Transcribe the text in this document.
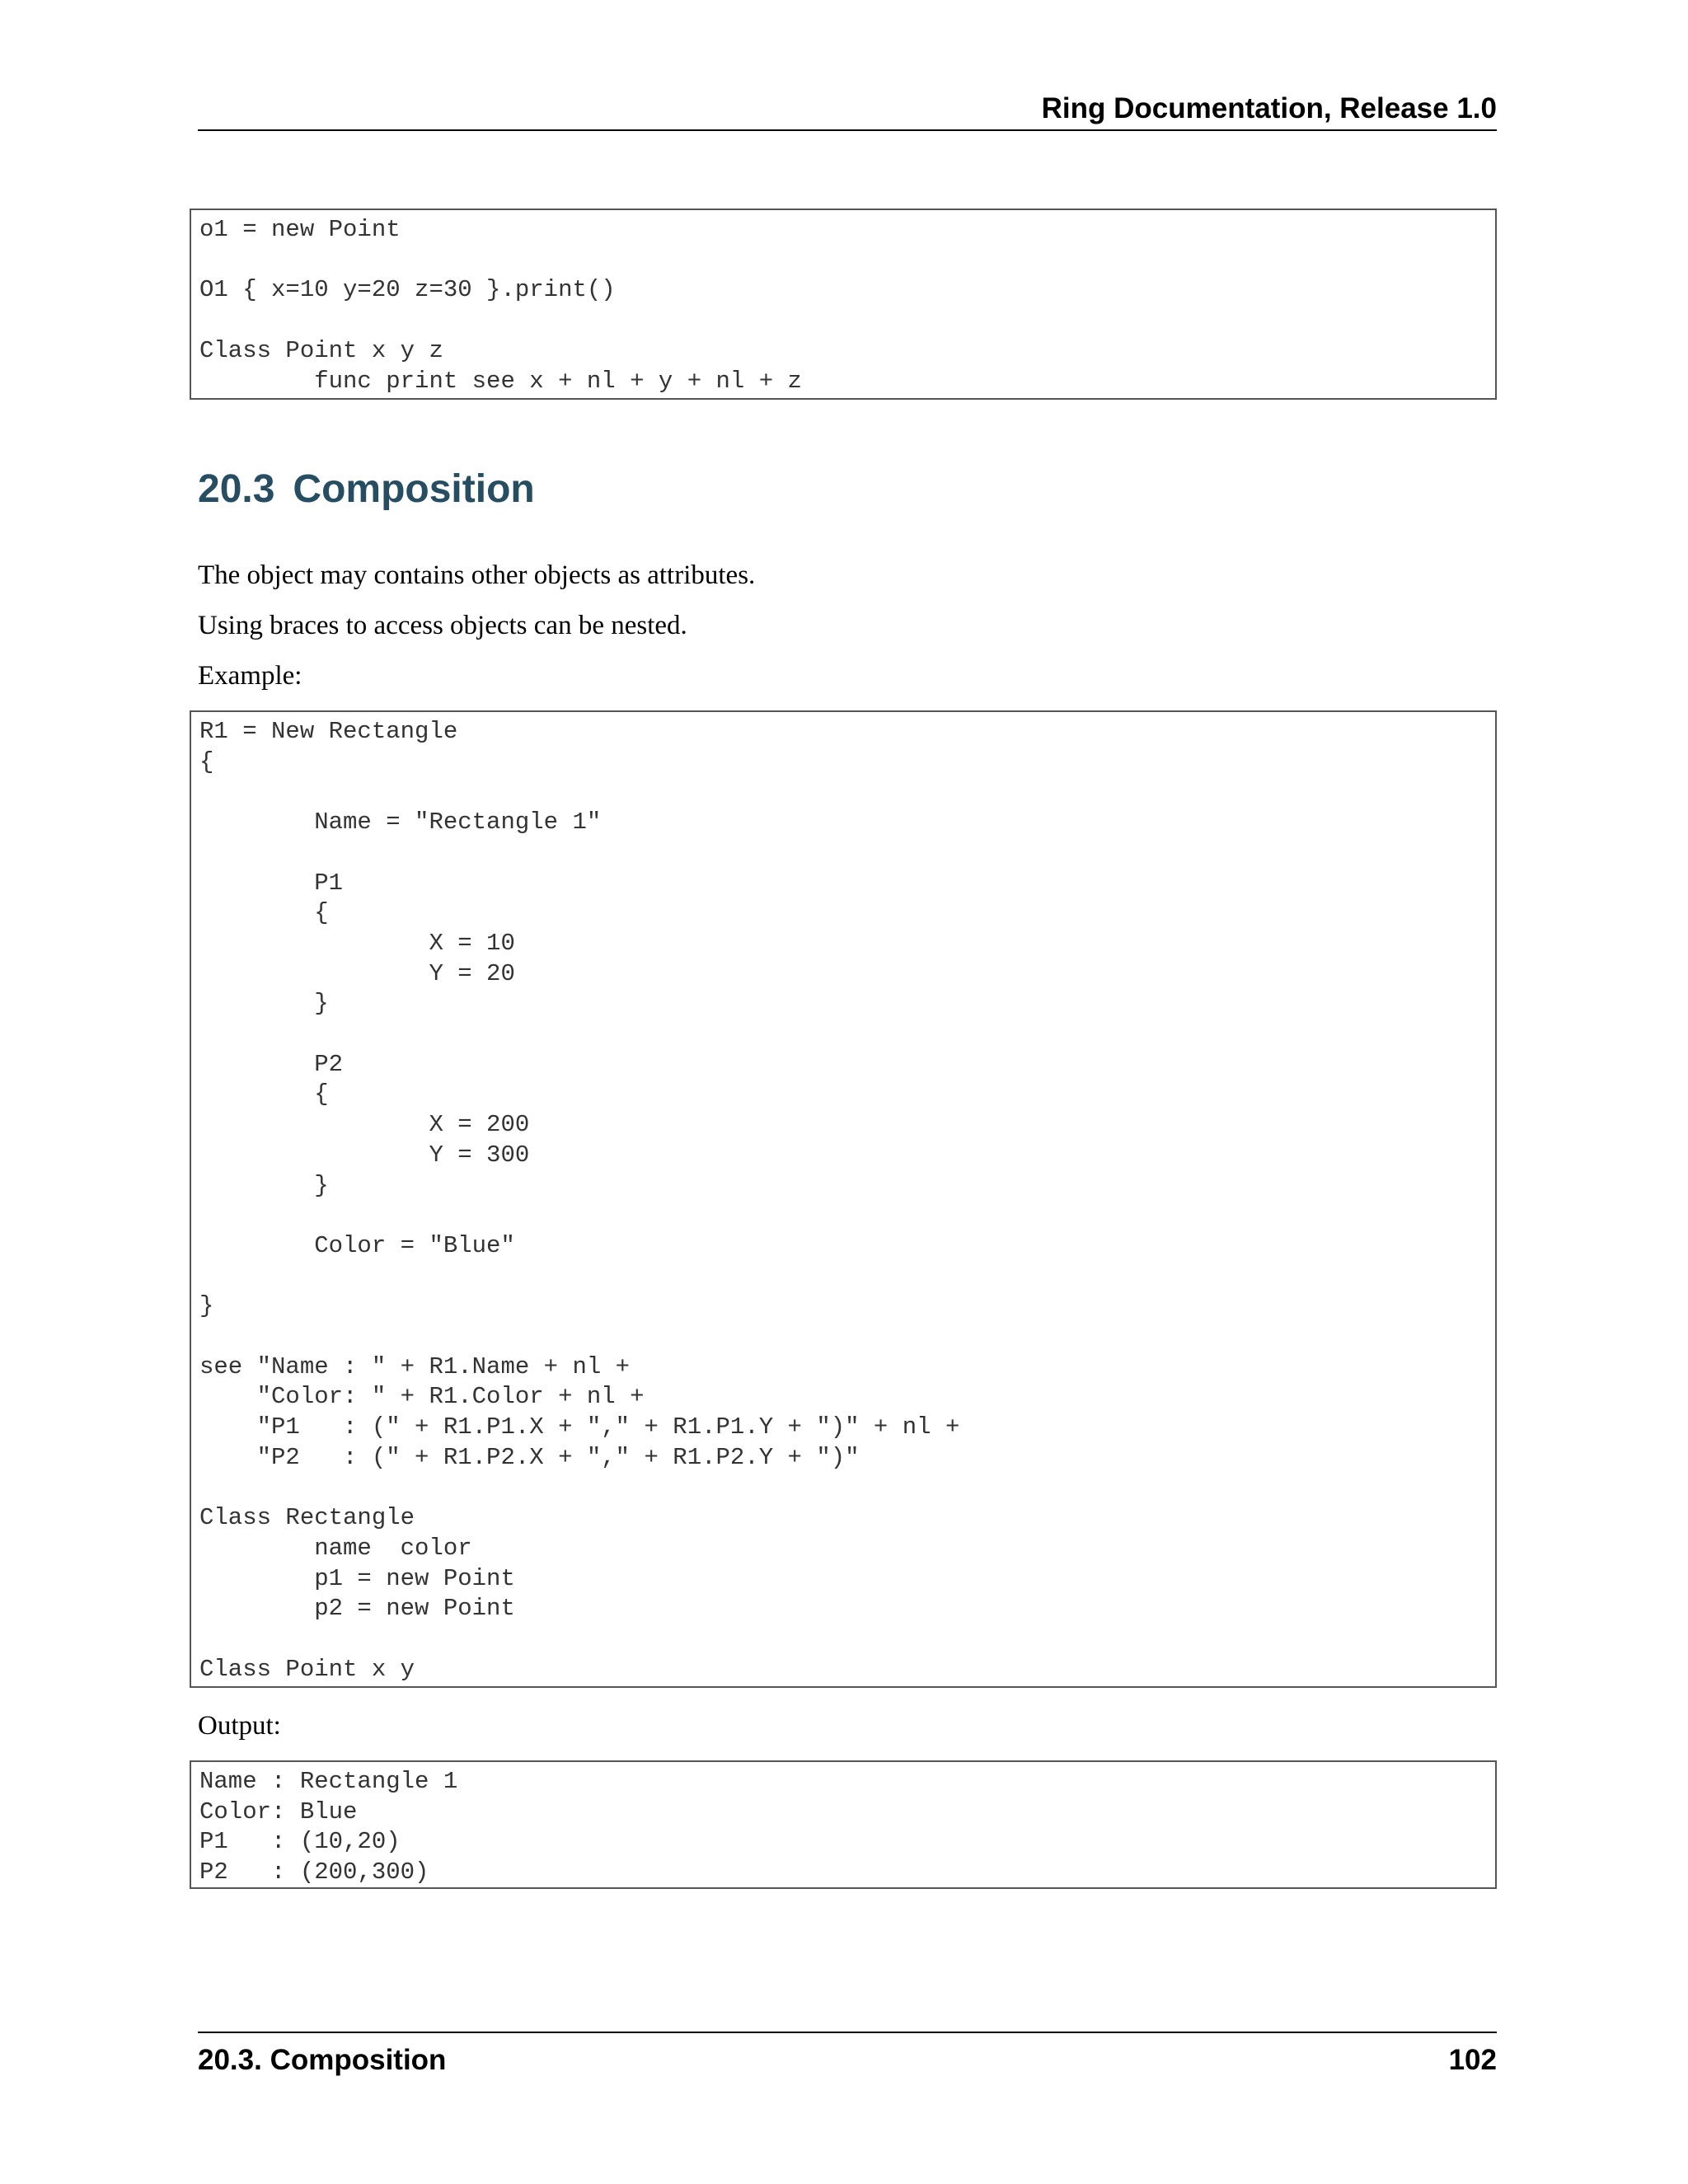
Ring Documentation, Release 1.0
o1 = new Point

O1 { x=10 y=20 z=30 }.print()

Class Point x y z
func print see x + nl + y + nl + z
20.3 Composition

The object may contains other objects as attributes.

Using braces to access objects can be nested.

Example:

R1 = New Rectangle
{

Name = "Rectangle 1"

P1
{
X = 10
Y = 20
}

P2
{
X = 200
Y = 300
}

Color = "Blue"

}

see "Name : " + R1.Name + nl +
"Color: " + R1.Color + nl +
"P1   : (" + R1.P1.X + "," + R1.P1.Y + ")" + nl +
"P2   : (" + R1.P2.X + "," + R1.P2.Y + ")"

Class Rectangle
name  color
p1 = new Point
p2 = new Point

Class Point x y

Output:

Name : Rectangle 1
Color: Blue
P1   : (10,20)
P2   : (200,300)
20.3. Composition	102
